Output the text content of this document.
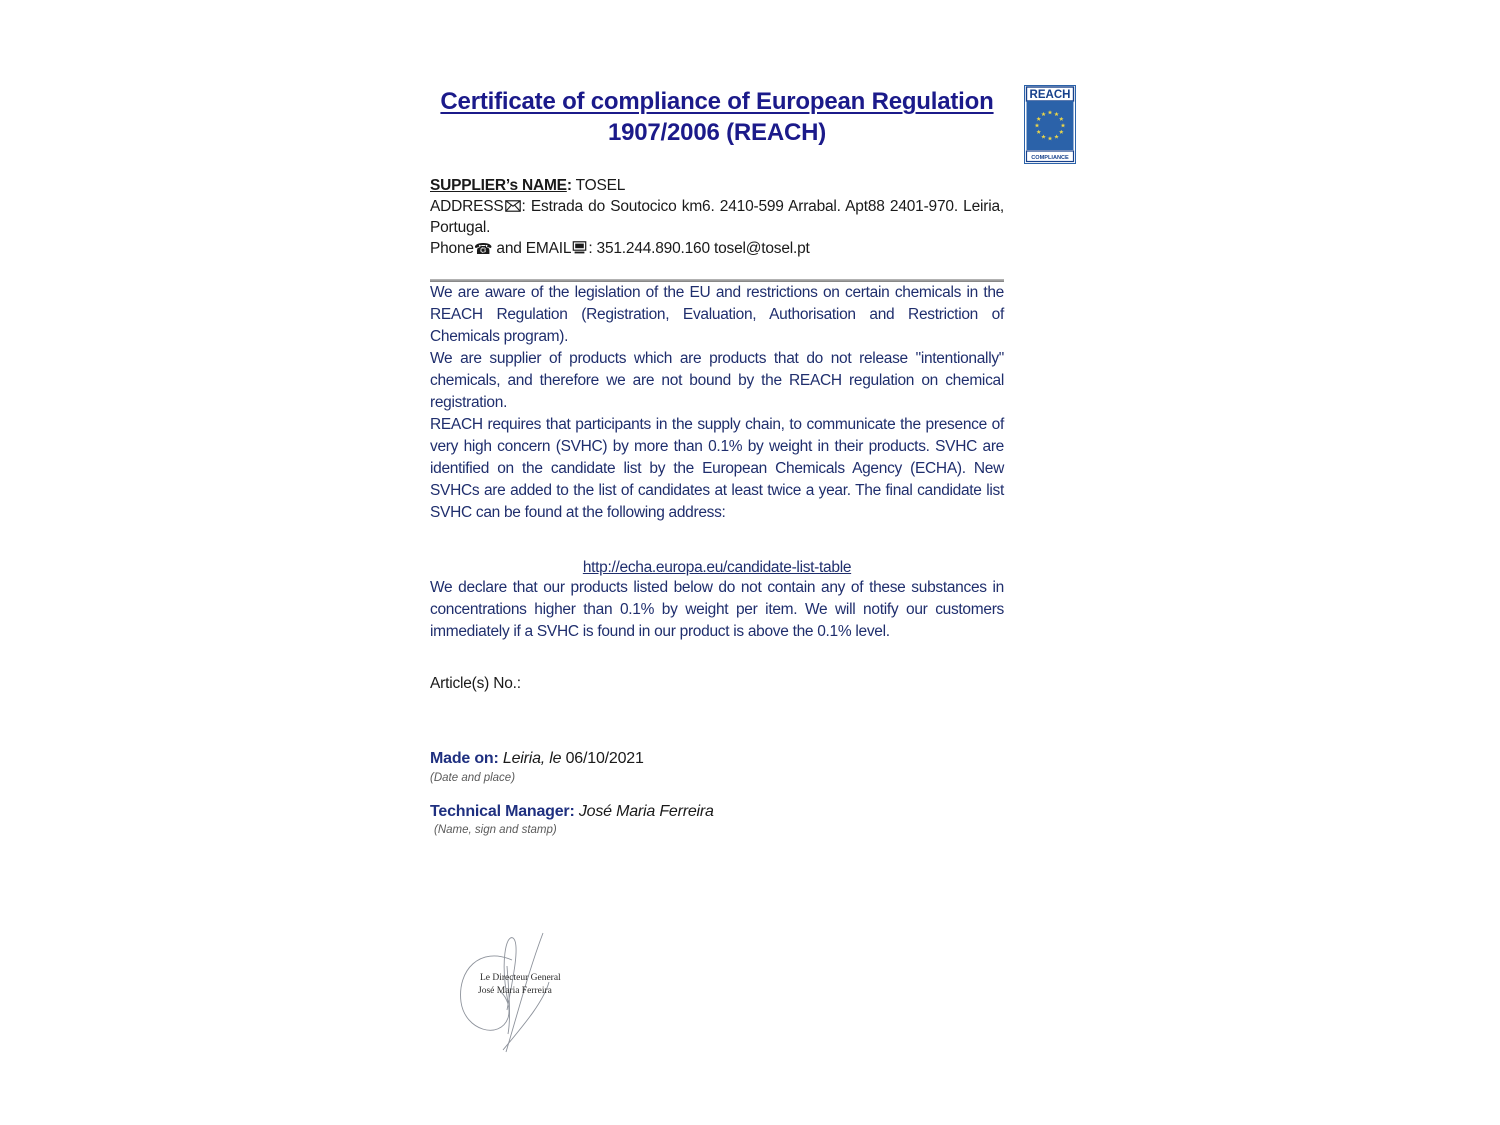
Certificate of compliance of European Regulation
1907/2006 (REACH)
SUPPLIER’s NAME: TOSEL
ADDRESS : Estrada do Soutocico km6. 2410-599 Arrabal. Apt88 2401-970. Leiria, Portugal.
Phone☎ and EMAIL : 351.244.890.160 tosel@tosel.pt

We are aware of the legislation of the EU and restrictions on certain chemicals in the REACH Regulation (Registration, Evaluation, Authorisation and Restriction of Chemicals program).

We are supplier of products which are products that do not release "intentionally" chemicals, and therefore we are not bound by the REACH regulation on chemical registration.

REACH requires that participants in the supply chain, to communicate the presence of very high concern (SVHC) by more than 0.1% by weight in their products. SVHC are identified on the candidate list by the European Chemicals Agency (ECHA). New SVHCs are added to the list of candidates at least twice a year. The final candidate list SVHC can be found at the following address:

http://echa.europa.eu/candidate-list-table

We declare that our products listed below do not contain any of these substances in concentrations higher than 0.1% by weight per item. We will notify our customers immediately if a SVHC is found in our product is above the 0.1% level.

Article(s) No.:

Made on: Leiria, le 06/10/2021

(Date and place)

Technical Manager: José Maria Ferreira

(Name, sign and stamp)

REACH
COMPLIANCE
Le Directeur General
José Maria Ferreira
